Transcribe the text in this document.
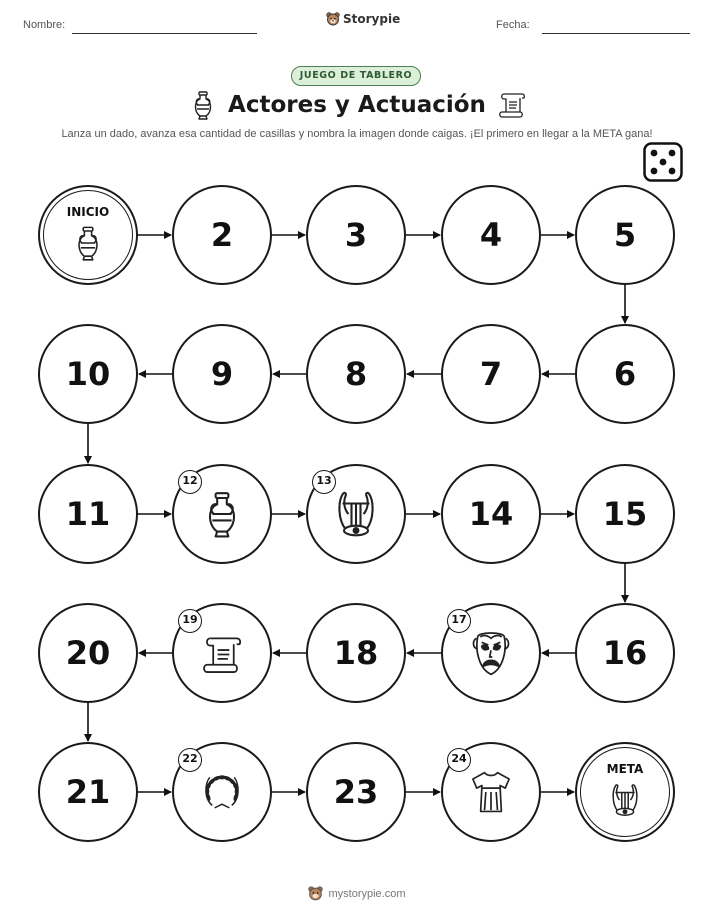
Nombre:	Storypie	Fecha:
JUEGO DE TABLERO
Actores y Actuación
Lanza un dado, avanza esa cantidad de casillas y nombra la imagen donde caigas. ¡El primero en llegar a la META gana!
INICIO
2	3	4	5
6
7
8
9
10
11
12	13
14	15
16
17
18
19
20
21
22
23
24
META
mystorypie.com
